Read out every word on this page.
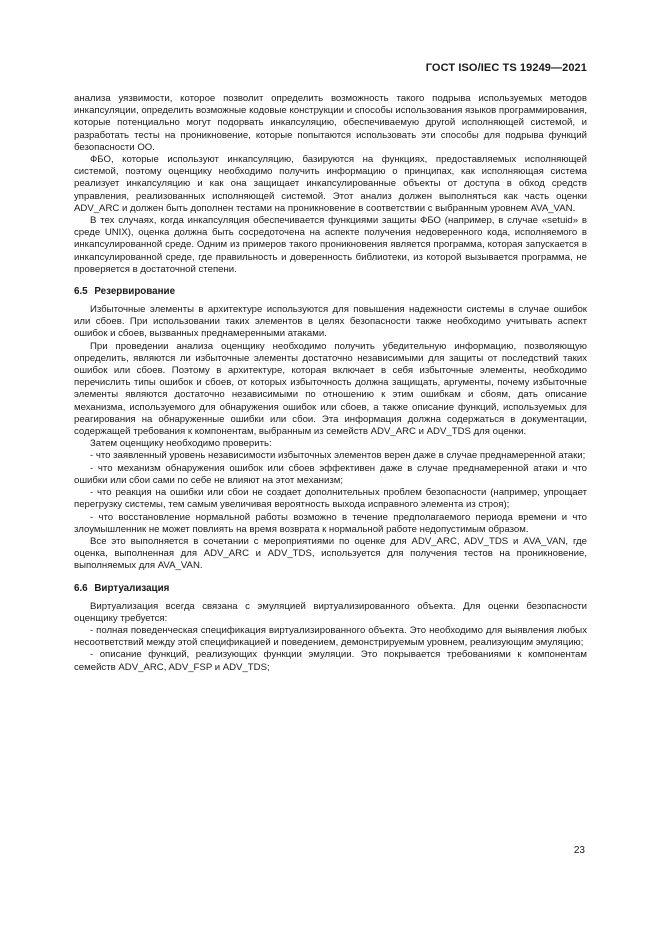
ГОСТ ISO/IEC TS 19249—2021

анализа уязвимости, которое позволит определить возможность такого подрыва используемых методов инкапсуляции, определить возможные кодовые конструкции и способы использования языков программирования, которые потенциально могут подорвать инкапсуляцию, обеспечиваемую другой исполняющей системой, и разработать тесты на проникновение, которые попытаются использовать эти способы для подрыва функций безопасности ОО.

ФБО, которые используют инкапсуляцию, базируются на функциях, предоставляемых исполняющей системой, поэтому оценщику необходимо получить информацию о принципах, как исполняющая система реализует инкапсуляцию и как она защищает инкапсулированные объекты от доступа в обход средств управления, реализованных исполняющей системой. Этот анализ должен выполняться как часть оценки ADV_ARC и должен быть дополнен тестами на проникновение в соответствии с выбранным уровнем AVA_VAN.

В тех случаях, когда инкапсуляция обеспечивается функциями защиты ФБО (например, в случае «setuid» в среде UNIX), оценка должна быть сосредоточена на аспекте получения недоверенного кода, исполняемого в инкапсулированной среде. Одним из примеров такого проникновения является программа, которая запускается в инкапсулированной среде, где правильность и доверенность библиотеки, из которой вызывается программа, не проверяется в достаточной степени.

6.5 Резервирование

Избыточные элементы в архитектуре используются для повышения надежности системы в случае ошибок или сбоев. При использовании таких элементов в целях безопасности также необходимо учитывать аспект ошибок и сбоев, вызванных преднамеренными атаками.

При проведении анализа оценщику необходимо получить убедительную информацию, позволяющую определить, являются ли избыточные элементы достаточно независимыми для защиты от последствий таких ошибок или сбоев. Поэтому в архитектуре, которая включает в себя избыточные элементы, необходимо перечислить типы ошибок и сбоев, от которых избыточность должна защищать, аргументы, почему избыточные элементы являются достаточно независимыми по отношению к этим ошибкам и сбоям, дать описание механизма, используемого для обнаружения ошибок или сбоев, а также описание функций, используемых для реагирования на обнаруженные ошибки или сбои. Эта информация должна содержаться в документации, содержащей требования к компонентам, выбранным из семейств ADV_ARC и ADV_TDS для оценки.

Затем оценщику необходимо проверить:

- что заявленный уровень независимости избыточных элементов верен даже в случае преднамеренной атаки;

- что механизм обнаружения ошибок или сбоев эффективен даже в случае преднамеренной атаки и что ошибки или сбои сами по себе не влияют на этот механизм;

- что реакция на ошибки или сбои не создает дополнительных проблем безопасности (например, упрощает перегрузку системы, тем самым увеличивая вероятность выхода исправного элемента из строя);

- что восстановление нормальной работы возможно в течение предполагаемого периода времени и что злоумышленник не может повлиять на время возврата к нормальной работе недопустимым образом.

Все это выполняется в сочетании с мероприятиями по оценке для ADV_ARC, ADV_TDS и AVA_VAN, где оценка, выполненная для ADV_ARC и ADV_TDS, используется для получения тестов на проникновение, выполняемых для AVA_VAN.

6.6 Виртуализация

Виртуализация всегда связана с эмуляцией виртуализированного объекта. Для оценки безопасности оценщику требуется:

- полная поведенческая спецификация виртуализированного объекта. Это необходимо для выявления любых несоответствий между этой спецификацией и поведением, демонстрируемым уровнем, реализующим эмуляцию;

- описание функций, реализующих функции эмуляции. Это покрывается требованиями к компонентам семейств ADV_ARC, ADV_FSP и ADV_TDS;

23
